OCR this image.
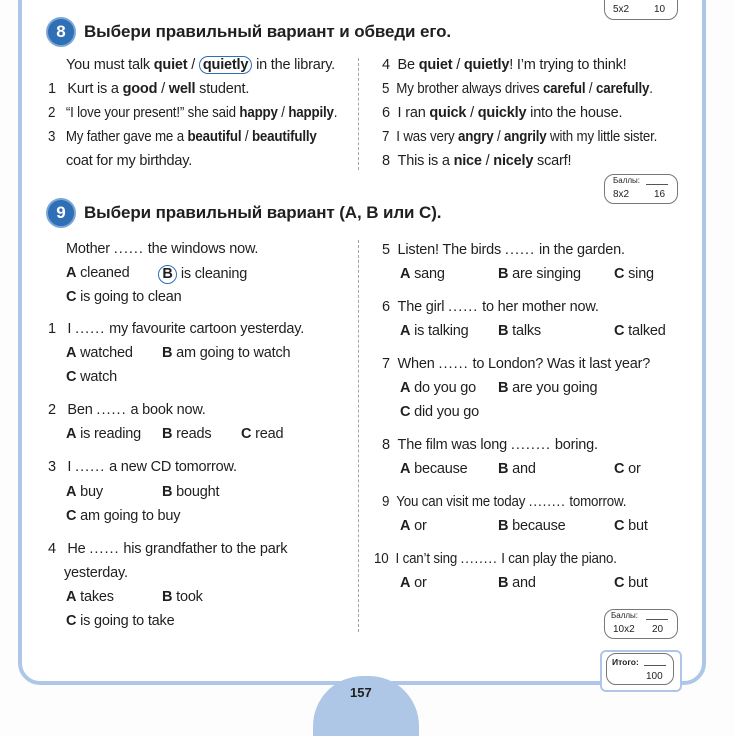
5x2 10
8	Выбери правильный вариант и обведи его.
You must talk quiet / quietly in the library.
1 Kurt is a good / well student.
2 “I love your present!” she said happy / happily.
3 My father gave me a beautiful / beautifully
coat for my birthday.
4 Be quiet / quietly! I’m trying to think!
5 My brother always drives careful / carefully.
6 I ran quick / quickly into the house.
7 I was very angry / angrily with my little sister.
8 This is a nice / nicely scarf!
Баллы:
8x2 16
9	Выбери правильный вариант (A, B или C).
Mother ...... the windows now.
A cleaned	B is cleaning
C is going to clean
1 I ...... my favourite cartoon yesterday.
A watched B am going to watch
C watch
2 Ben ...... a book now.
A is reading B reads C read
3 I ...... a new CD tomorrow.
A buy	B bought
C am going to buy
4 He ...... his grandfather to the park
yesterday.
A takes	B took
C is going to take
5 Listen! The birds ...... in the garden.
A sang	B are singing C sing
6 The girl ...... to her mother now.
A is talking B talks	C talked
7 When ...... to London? Was it last year?
A do you go B are you going
C did you go
8 The film was long ........ boring.
A because B and	C or
9 You can visit me today ........ tomorrow.
A or	B because	C but
10 I can’t sing ........ I can play the piano.
A or	B and	C but
Баллы:
10x2 20
Итого:
100
157
